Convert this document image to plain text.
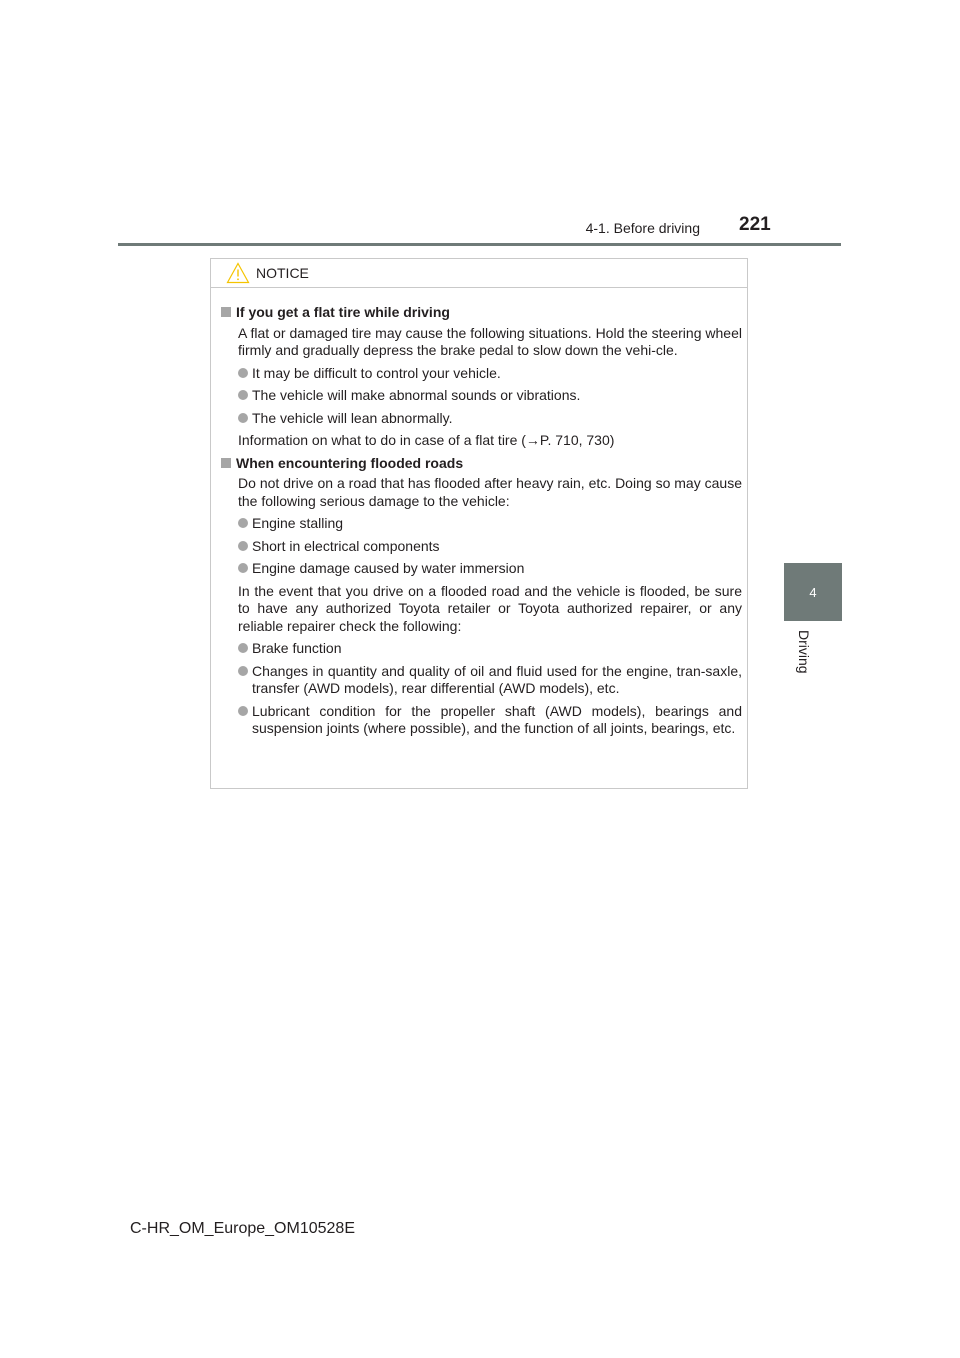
4-1. Before driving 221
4
Driving
NOTICE
If you get a flat tire while driving
A flat or damaged tire may cause the following situations. Hold the steering wheel firmly and gradually depress the brake pedal to slow down the vehi-cle.
It may be difficult to control your vehicle.
The vehicle will make abnormal sounds or vibrations.
The vehicle will lean abnormally.
Information on what to do in case of a flat tire (→P. 710, 730)
When encountering flooded roads
Do not drive on a road that has flooded after heavy rain, etc. Doing so may cause the following serious damage to the vehicle:
Engine stalling
Short in electrical components
Engine damage caused by water immersion
In the event that you drive on a flooded road and the vehicle is flooded, be sure to have any authorized Toyota retailer or Toyota authorized repairer, or any reliable repairer check the following:
Brake function
Changes in quantity and quality of oil and fluid used for the engine, tran-saxle, transfer (AWD models), rear differential (AWD models), etc.
Lubricant condition for the propeller shaft (AWD models), bearings and suspension joints (where possible), and the function of all joints, bearings, etc.
C-HR_OM_Europe_OM10528E
